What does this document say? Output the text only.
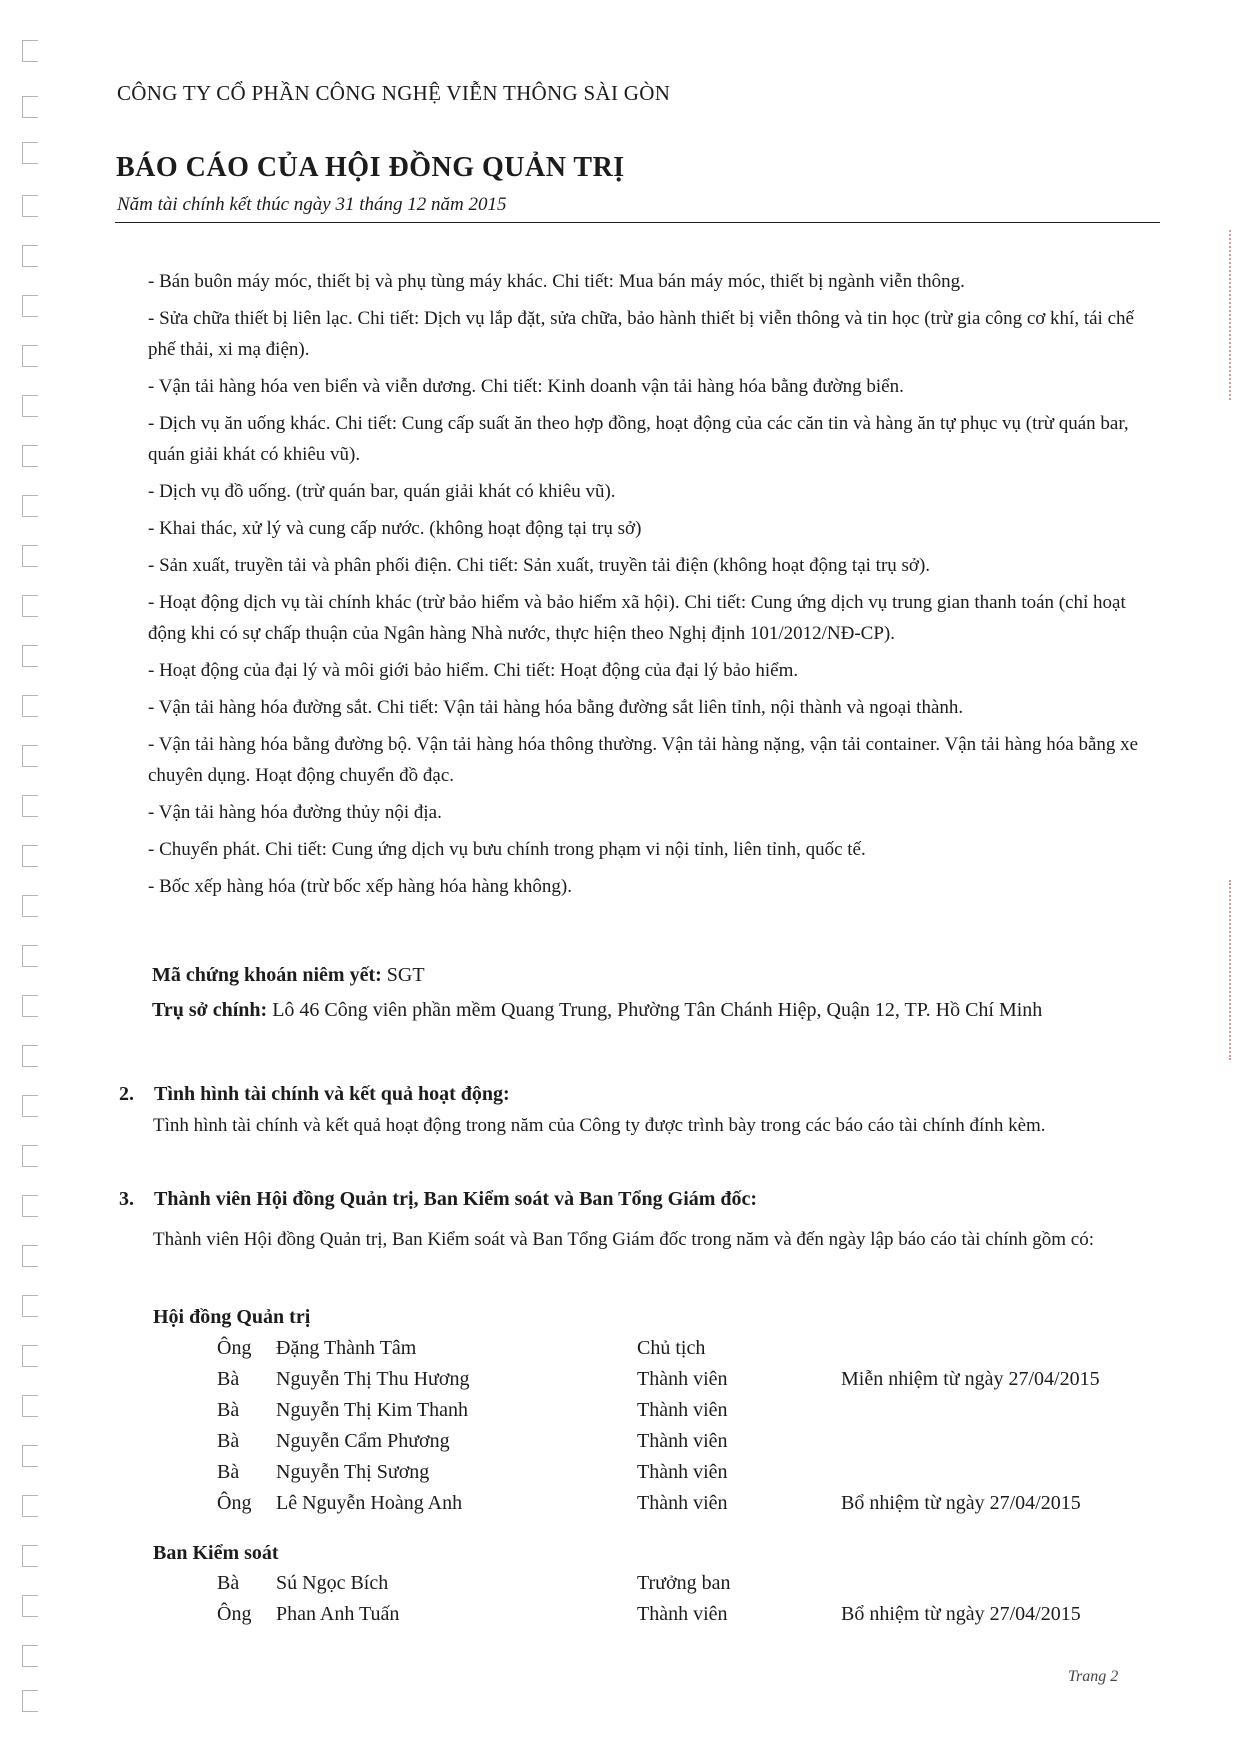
CÔNG TY CỔ PHẦN CÔNG NGHỆ VIỄN THÔNG SÀI GÒN
BÁO CÁO CỦA HỘI ĐỒNG QUẢN TRỊ
Năm tài chính kết thúc ngày 31 tháng 12 năm 2015

- Bán buôn máy móc, thiết bị và phụ tùng máy khác. Chi tiết: Mua bán máy móc, thiết bị ngành viễn thông.

- Sửa chữa thiết bị liên lạc. Chi tiết: Dịch vụ lắp đặt, sửa chữa, bảo hành thiết bị viễn thông và tin học (trừ gia công cơ khí, tái chế phế thải, xi mạ điện).

- Vận tải hàng hóa ven biển và viễn dương. Chi tiết: Kinh doanh vận tải hàng hóa bằng đường biển.

- Dịch vụ ăn uống khác. Chi tiết: Cung cấp suất ăn theo hợp đồng, hoạt động của các căn tin và hàng ăn tự phục vụ (trừ quán bar, quán giải khát có khiêu vũ).

- Dịch vụ đồ uống. (trừ quán bar, quán giải khát có khiêu vũ).

- Khai thác, xử lý và cung cấp nước. (không hoạt động tại trụ sở)

- Sản xuất, truyền tải và phân phối điện. Chi tiết: Sản xuất, truyền tải điện (không hoạt động tại trụ sở).

- Hoạt động dịch vụ tài chính khác (trừ bảo hiểm và bảo hiểm xã hội). Chi tiết: Cung ứng dịch vụ trung gian thanh toán (chỉ hoạt động khi có sự chấp thuận của Ngân hàng Nhà nước, thực hiện theo Nghị định 101/2012/NĐ-CP).

- Hoạt động của đại lý và môi giới bảo hiểm. Chi tiết: Hoạt động của đại lý bảo hiểm.

- Vận tải hàng hóa đường sắt. Chi tiết: Vận tải hàng hóa bằng đường sắt liên tỉnh, nội thành và ngoại thành.

- Vận tải hàng hóa bằng đường bộ. Vận tải hàng hóa thông thường. Vận tải hàng nặng, vận tải container. Vận tải hàng hóa bằng xe chuyên dụng. Hoạt động chuyển đồ đạc.

- Vận tải hàng hóa đường thủy nội địa.

- Chuyển phát. Chi tiết: Cung ứng dịch vụ bưu chính trong phạm vi nội tỉnh, liên tỉnh, quốc tế.

- Bốc xếp hàng hóa (trừ bốc xếp hàng hóa hàng không).

Mã chứng khoán niêm yết: SGT
Trụ sở chính: Lô 46 Công viên phần mềm Quang Trung, Phường Tân Chánh Hiệp, Quận 12, TP. Hồ Chí Minh
2. Tình hình tài chính và kết quả hoạt động:
Tình hình tài chính và kết quả hoạt động trong năm của Công ty được trình bày trong các báo cáo tài chính đính kèm.
3. Thành viên Hội đồng Quản trị, Ban Kiểm soát và Ban Tổng Giám đốc:
Thành viên Hội đồng Quản trị, Ban Kiểm soát và Ban Tổng Giám đốc trong năm và đến ngày lập báo cáo tài chính gồm có:
Hội đồng Quản trị
Ông Đặng Thành Tâm	Chủ tịch
Bà Nguyễn Thị Thu Hương	Thành viên	Miễn nhiệm từ ngày 27/04/2015
Bà Nguyễn Thị Kim Thanh	Thành viên
Bà Nguyễn Cẩm Phương	Thành viên
Bà Nguyễn Thị Sương	Thành viên
Ông Lê Nguyễn Hoàng Anh	Thành viên	Bổ nhiệm từ ngày 27/04/2015
Ban Kiểm soát
Bà Sú Ngọc Bích	Trưởng ban
Ông Phan Anh Tuấn	Thành viên	Bổ nhiệm từ ngày 27/04/2015
Trang 2
